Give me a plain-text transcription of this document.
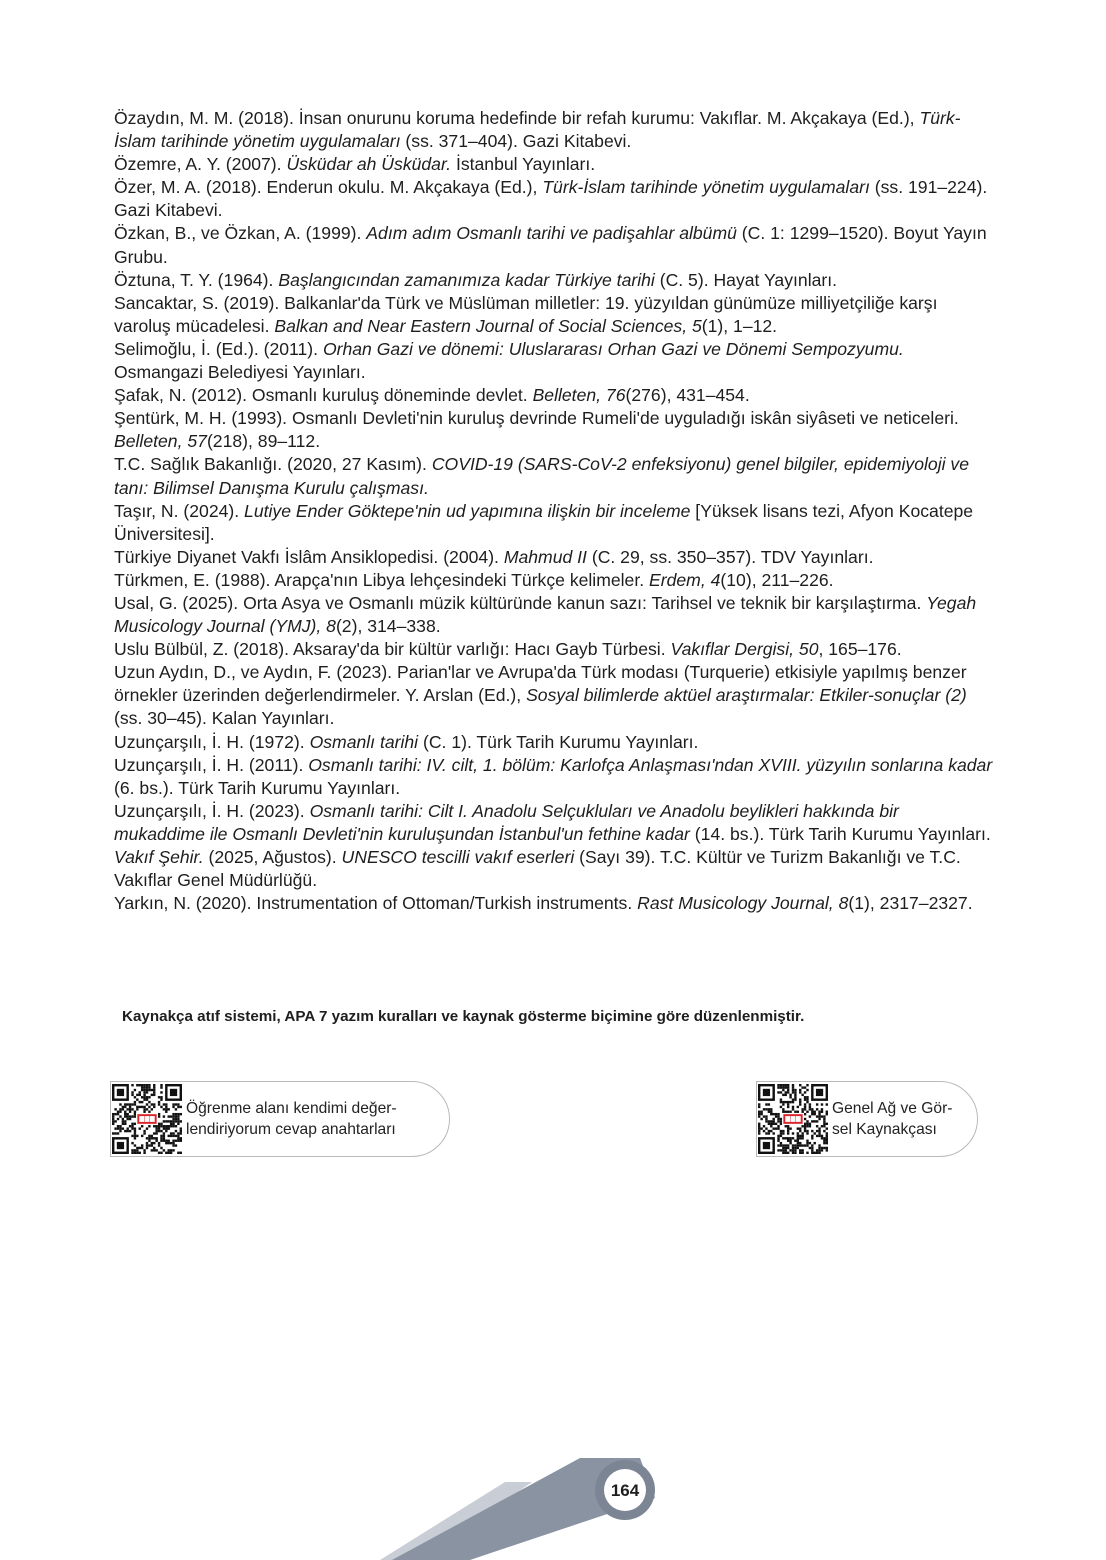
Özaydın, M. M. (2018). İnsan onurunu koruma hedefinde bir refah kurumu: Vakıflar. M. Akçakaya (Ed.), Türk-İslam tarihinde yönetim uygulamaları (ss. 371–404). Gazi Kitabevi.

Özemre, A. Y. (2007). Üsküdar ah Üsküdar. İstanbul Yayınları.

Özer, M. A. (2018). Enderun okulu. M. Akçakaya (Ed.), Türk-İslam tarihinde yönetim uygulamaları (ss. 191–224). Gazi Kitabevi.

Özkan, B., ve Özkan, A. (1999). Adım adım Osmanlı tarihi ve padişahlar albümü (C. 1: 1299–1520). Boyut Yayın Grubu.

Öztuna, T. Y. (1964). Başlangıcından zamanımıza kadar Türkiye tarihi (C. 5). Hayat Yayınları.

Sancaktar, S. (2019). Balkanlar'da Türk ve Müslüman milletler: 19. yüzyıldan günümüze milliyetçiliğe karşı varoluş mücadelesi. Balkan and Near Eastern Journal of Social Sciences, 5(1), 1–12.

Selimoğlu, İ. (Ed.). (2011). Orhan Gazi ve dönemi: Uluslararası Orhan Gazi ve Dönemi Sempozyumu. Osmangazi Belediyesi Yayınları.

Şafak, N. (2012). Osmanlı kuruluş döneminde devlet. Belleten, 76(276), 431–454.

Şentürk, M. H. (1993). Osmanlı Devleti'nin kuruluş devrinde Rumeli'de uyguladığı iskân siyâseti ve neticeleri. Belleten, 57(218), 89–112.

T.C. Sağlık Bakanlığı. (2020, 27 Kasım). COVID-19 (SARS-CoV-2 enfeksiyonu) genel bilgiler, epidemiyoloji ve tanı: Bilimsel Danışma Kurulu çalışması.

Taşır, N. (2024). Lutiye Ender Göktepe'nin ud yapımına ilişkin bir inceleme [Yüksek lisans tezi, Afyon Kocatepe Üniversitesi].

Türkiye Diyanet Vakfı İslâm Ansiklopedisi. (2004). Mahmud II (C. 29, ss. 350–357). TDV Yayınları.

Türkmen, E. (1988). Arapça'nın Libya lehçesindeki Türkçe kelimeler. Erdem, 4(10), 211–226.

Usal, G. (2025). Orta Asya ve Osmanlı müzik kültüründe kanun sazı: Tarihsel ve teknik bir karşılaştırma. Yegah Musicology Journal (YMJ), 8(2), 314–338.

Uslu Bülbül, Z. (2018). Aksaray'da bir kültür varlığı: Hacı Gayb Türbesi. Vakıflar Dergisi, 50, 165–176.

Uzun Aydın, D., ve Aydın, F. (2023). Parian'lar ve Avrupa'da Türk modası (Turquerie) etkisiyle yapılmış benzer örnekler üzerinden değerlendirmeler. Y. Arslan (Ed.), Sosyal bilimlerde aktüel araştırmalar: Etkiler-sonuçlar (2) (ss. 30–45). Kalan Yayınları.

Uzunçarşılı, İ. H. (1972). Osmanlı tarihi (C. 1). Türk Tarih Kurumu Yayınları.

Uzunçarşılı, İ. H. (2011). Osmanlı tarihi: IV. cilt, 1. bölüm: Karlofça Anlaşması'ndan XVIII. yüzyılın sonlarına kadar (6. bs.). Türk Tarih Kurumu Yayınları.

Uzunçarşılı, İ. H. (2023). Osmanlı tarihi: Cilt I. Anadolu Selçukluları ve Anadolu beylikleri hakkında bir mukaddime ile Osmanlı Devleti'nin kuruluşundan İstanbul'un fethine kadar (14. bs.). Türk Tarih Kurumu Yayınları.

Vakıf Şehir. (2025, Ağustos). UNESCO tescilli vakıf eserleri (Sayı 39). T.C. Kültür ve Turizm Bakanlığı ve T.C. Vakıflar Genel Müdürlüğü.

Yarkın, N. (2020). Instrumentation of Ottoman/Turkish instruments. Rast Musicology Journal, 8(1), 2317–2327.

Kaynakça atıf sistemi, APA 7 yazım kuralları ve kaynak gösterme biçimine göre düzenlenmiştir.
Öğrenme alanı kendimi değer-
lendiriyorum cevap anahtarları
Genel Ağ ve Gör-
sel Kaynakçası
164
